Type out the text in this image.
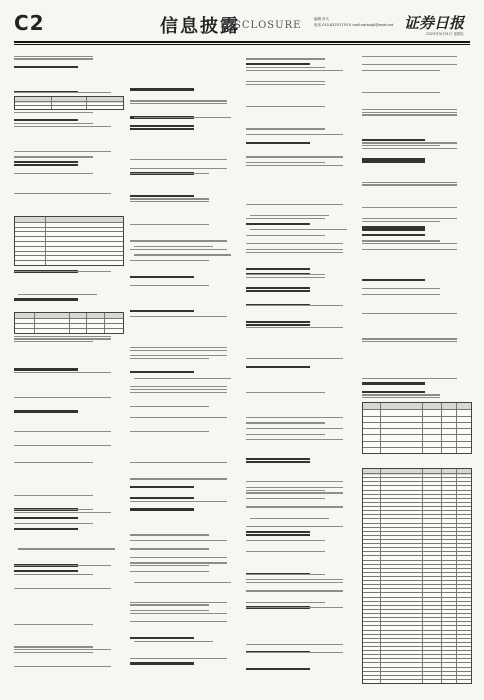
C2	信息披露
DISCLOSURE
编辑 肖凡
电话 010-83251730 E-mail:zqrbxjpl@zqrb.net 证券日报
2023年3月31日 星期五
